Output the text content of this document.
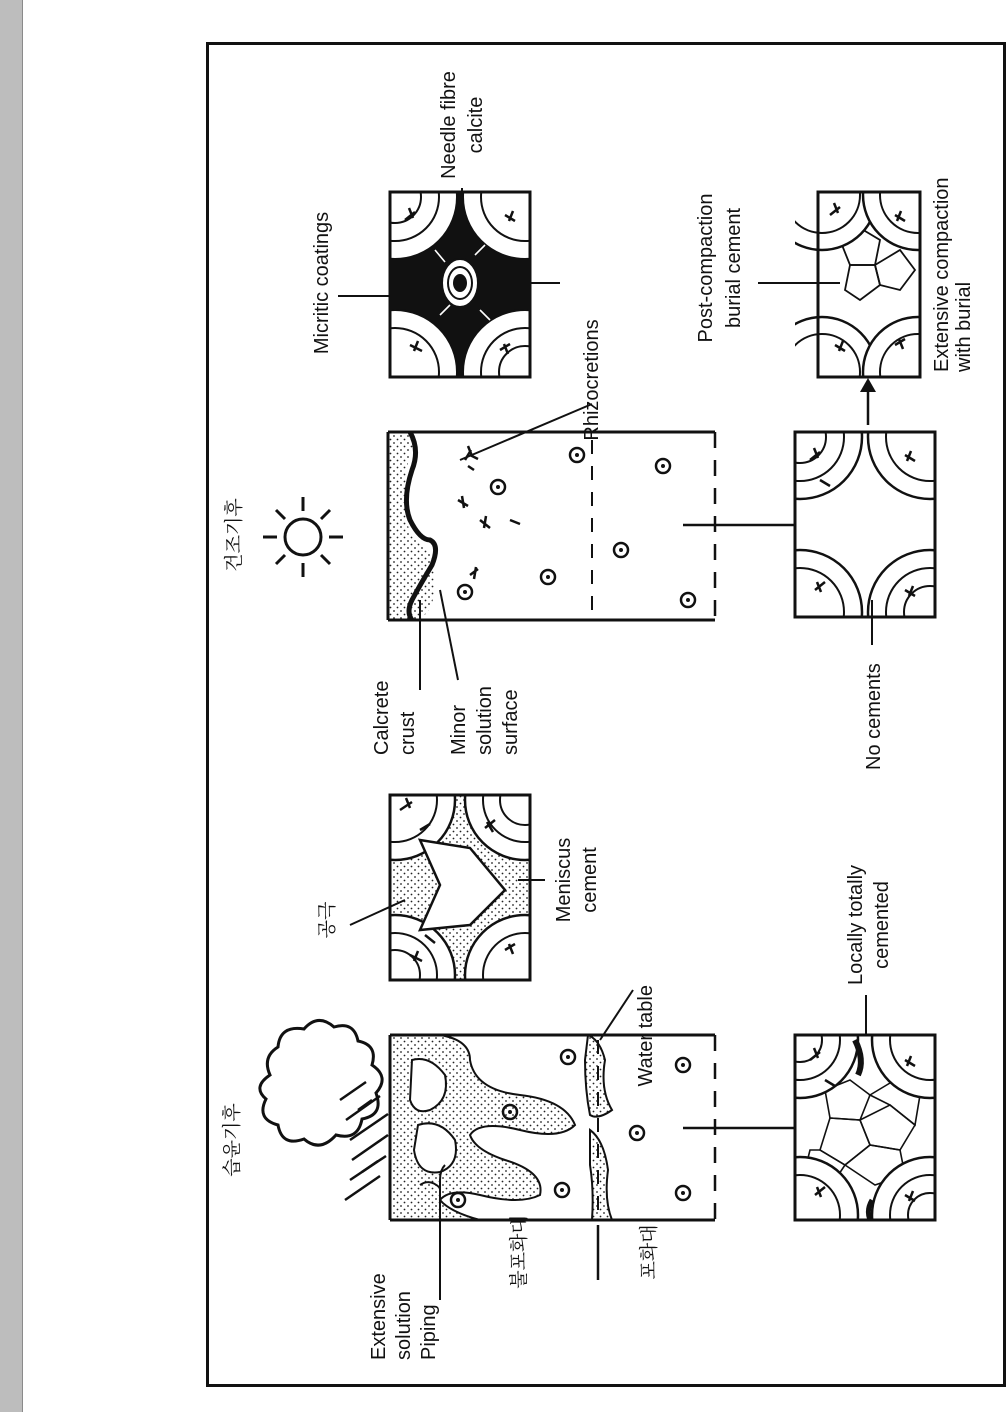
습윤기후
불포화대	포화대
Extensive solution Piping
Water table
공극	Meniscus cement	Locally totally cemented
건조기후
Calcrete crust Minor solution surface
Rhizocretions
Micritic coatings
Needle fibre calcite
Post-compaction burial cement	Extensive compaction with burial
No cements
